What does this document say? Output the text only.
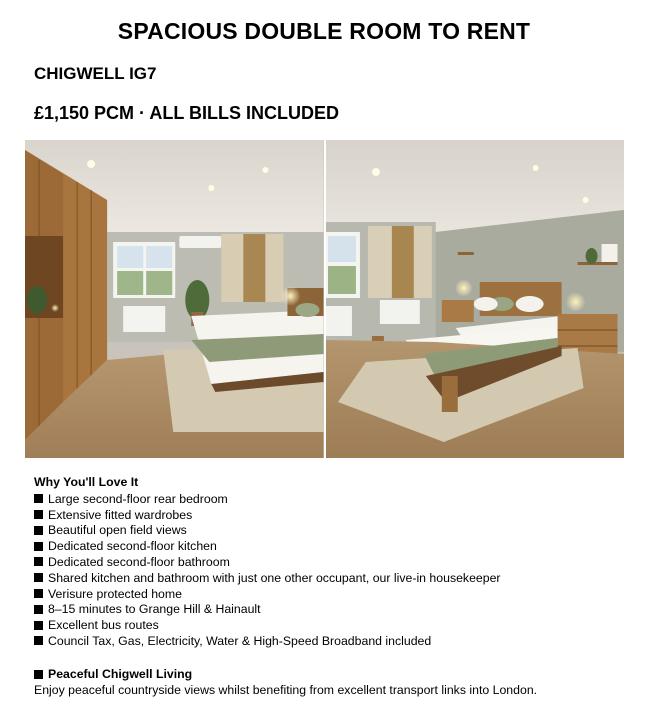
SPACIOUS DOUBLE ROOM TO RENT
CHIGWELL IG7
£1,150 PCM · ALL BILLS INCLUDED
Why You'll Love It
Large second-floor rear bedroom
Extensive fitted wardrobes
Beautiful open field views
Dedicated second-floor kitchen
Dedicated second-floor bathroom
Shared kitchen and bathroom with just one other occupant, our live-in housekeeper
Verisure protected home
8–15 minutes to Grange Hill & Hainault
Excellent bus routes
Council Tax, Gas, Electricity, Water & High-Speed Broadband included
Peaceful Chigwell Living
Enjoy peaceful countryside views whilst benefiting from excellent transport links into London.
